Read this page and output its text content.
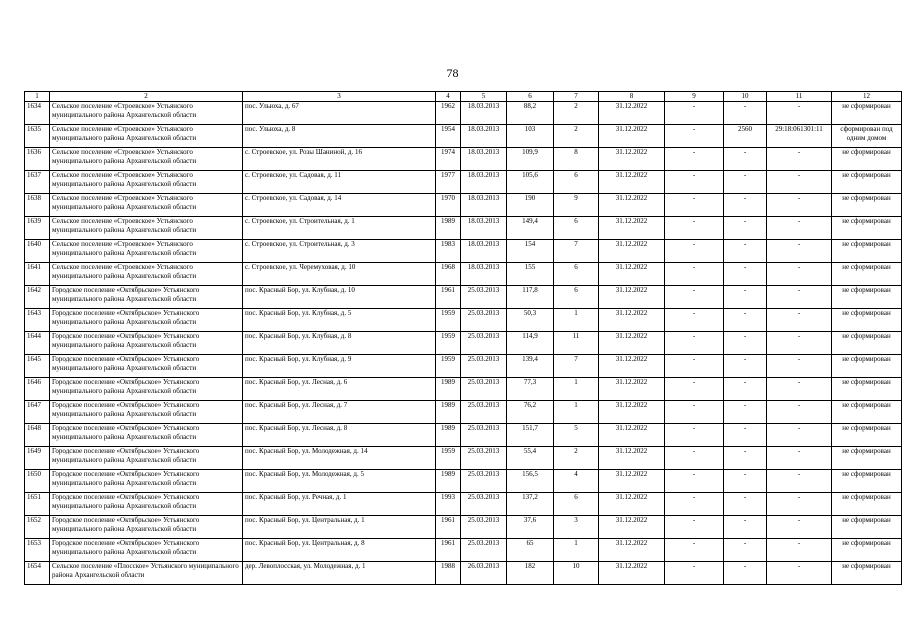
78
1	2	3	4	5	6	7	8	9	10	11	12
1634	Сельское поселение «Строевское» Устьянского муниципального района Архангельской области	пос. Ульюха, д. 67	1962	18.03.2013	88,2	2	31.12.2022	-	-	-	не сформирован
1635	Сельское поселение «Строевское» Устьянского муниципального района Архангельской области	пос. Ульюха, д. 8	1954	18.03.2013	103	2	31.12.2022	-	2560	29:18:061301:11	сформирован под одним домом
1636	Сельское поселение «Строевское» Устьянского муниципального района Архангельской области	с. Строевское, ул. Розы Шаниной, д. 16	1974	18.03.2013	109,9	8	31.12.2022	-	-	-	не сформирован
1637	Сельское поселение «Строевское» Устьянского муниципального района Архангельской области	с. Строевское, ул. Садовая, д. 11	1977	18.03.2013	105,6	6	31.12.2022	-	-	-	не сформирован
1638	Сельское поселение «Строевское» Устьянского муниципального района Архангельской области	с. Строевское, ул. Садовая, д. 14	1970	18.03.2013	190	9	31.12.2022	-	-	-	не сформирован
1639	Сельское поселение «Строевское» Устьянского муниципального района Архангельской области	с. Строевское, ул. Строительная, д. 1	1989	18.03.2013	149,4	6	31.12.2022	-	-	-	не сформирован
1640	Сельское поселение «Строевское» Устьянского муниципального района Архангельской области	с. Строевское, ул. Строительная, д. 3	1983	18.03.2013	154	7	31.12.2022	-	-	-	не сформирован
1641	Сельское поселение «Строевское» Устьянского муниципального района Архангельской области	с. Строевское, ул. Черемуховая, д. 10	1968	18.03.2013	155	6	31.12.2022	-	-	-	не сформирован
1642	Городское поселение «Октябрьское» Устьянского муниципального района Архангельской области	пос. Красный Бор, ул. Клубная, д. 10	1961	25.03.2013	117,8	6	31.12.2022	-	-	-	не сформирован
1643	Городское поселение «Октябрьское» Устьянского муниципального района Архангельской области	пос. Красный Бор, ул. Клубная, д. 5	1959	25.03.2013	50,3	1	31.12.2022	-	-	-	не сформирован
1644	Городское поселение «Октябрьское» Устьянского муниципального района Архангельской области	пос. Красный Бор, ул. Клубная, д. 8	1959	25.03.2013	114,9	11	31.12.2022	-	-	-	не сформирован
1645	Городское поселение «Октябрьское» Устьянского муниципального района Архангельской области	пос. Красный Бор, ул. Клубная, д. 9	1959	25.03.2013	139,4	7	31.12.2022	-	-	-	не сформирован
1646	Городское поселение «Октябрьское» Устьянского муниципального района Архангельской области	пос. Красный Бор, ул. Лесная, д. 6	1989	25.03.2013	77,3	1	31.12.2022	-	-	-	не сформирован
1647	Городское поселение «Октябрьское» Устьянского муниципального района Архангельской области	пос. Красный Бор, ул. Лесная, д. 7	1989	25.03.2013	76,2	1	31.12.2022	-	-	-	не сформирован
1648	Городское поселение «Октябрьское» Устьянского муниципального района Архангельской области	пос. Красный Бор, ул. Лесная, д. 8	1989	25.03.2013	151,7	5	31.12.2022	-	-	-	не сформирован
1649	Городское поселение «Октябрьское» Устьянского муниципального района Архангельской области	пос. Красный Бор, ул. Молодежная, д. 14	1959	25.03.2013	55,4	2	31.12.2022	-	-	-	не сформирован
1650	Городское поселение «Октябрьское» Устьянского муниципального района Архангельской области	пос. Красный Бор, ул. Молодежная, д. 5	1989	25.03.2013	156,5	4	31.12.2022	-	-	-	не сформирован
1651	Городское поселение «Октябрьское» Устьянского муниципального района Архангельской области	пос. Красный Бор, ул. Речная, д. 1	1993	25.03.2013	137,2	6	31.12.2022	-	-	-	не сформирован
1652	Городское поселение «Октябрьское» Устьянского муниципального района Архангельской области	пос. Красный Бор, ул. Центральная, д. 1	1961	25.03.2013	37,6	3	31.12.2022	-	-	-	не сформирован
1653	Городское поселение «Октябрьское» Устьянского муниципального района Архангельской области	пос. Красный Бор, ул. Центральная, д. 8	1961	25.03.2013	65	1	31.12.2022	-	-	-	не сформирован
1654	Сельское поселение «Плосское» Устьянского муниципального района Архангельской области	дер. Левоплосская, ул. Молодежная, д. 1	1988	26.03.2013	182	10	31.12.2022	-	-	-	не сформирован
